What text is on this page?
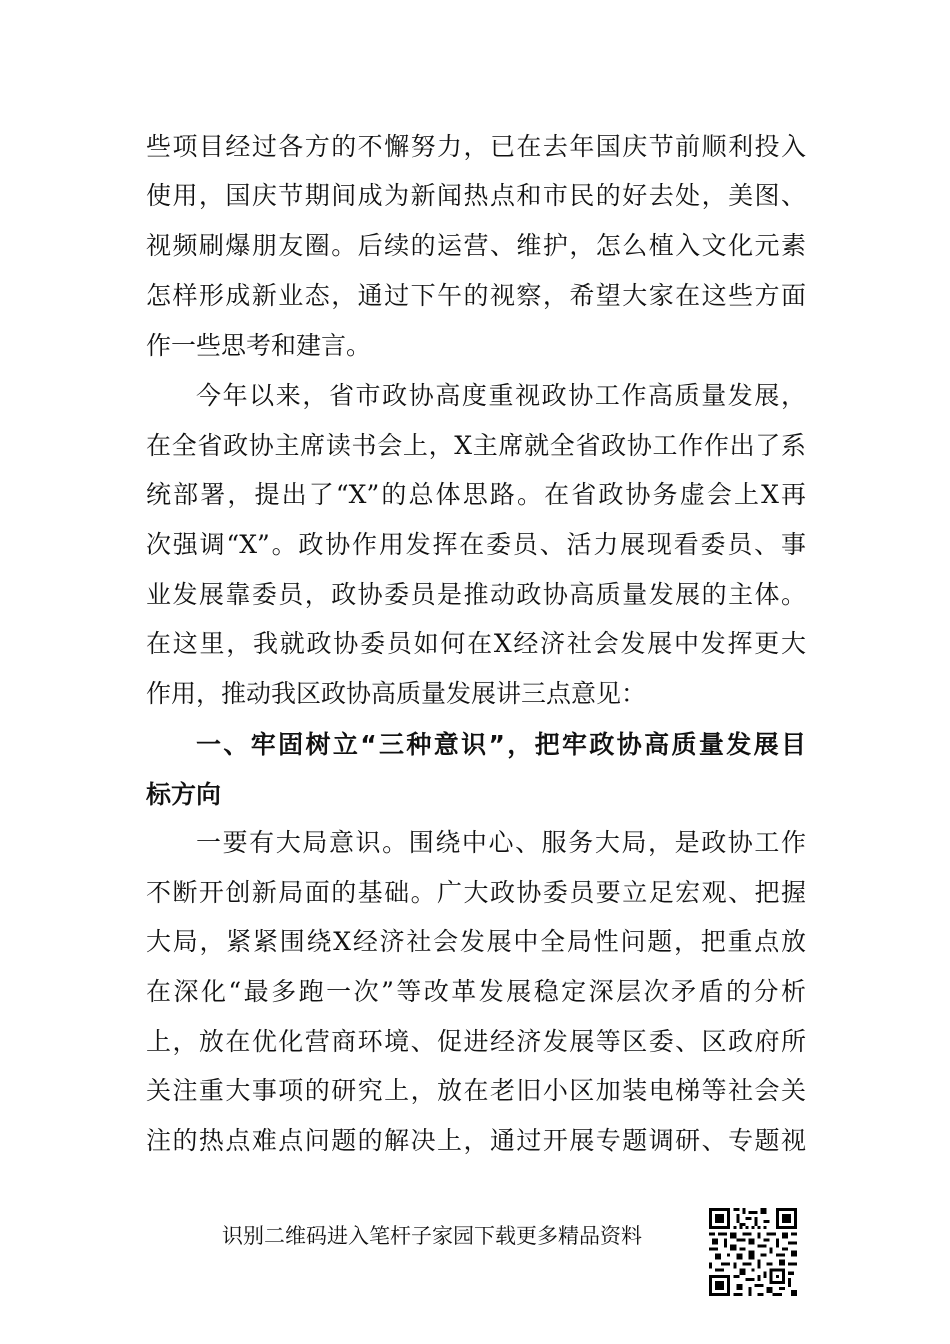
些项目经过各方的不懈努力，已在去年国庆节前顺利投入
使用，国庆节期间成为新闻热点和市民的好去处，美图、
视频刷爆朋友圈。后续的运营、维护，怎么植入文化元素
怎样形成新业态，通过下午的视察，希望大家在这些方面
作一些思考和建言。
今年以来，省市政协高度重视政协工作高质量发展，
在全省政协主席读书会上，X主席就全省政协工作作出了系
统部署，提出了“X”的总体思路。在省政协务虚会上X再
次强调“X”。政协作用发挥在委员、活力展现看委员、事
业发展靠委员，政协委员是推动政协高质量发展的主体。
在这里，我就政协委员如何在X经济社会发展中发挥更大
作用，推动我区政协高质量发展讲三点意见：
一、牢固树立“三种意识”，把牢政协高质量发展目
标方向
一要有大局意识。围绕中心、服务大局，是政协工作
不断开创新局面的基础。广大政协委员要立足宏观、把握
大局，紧紧围绕X经济社会发展中全局性问题，把重点放
在深化“最多跑一次”等改革发展稳定深层次矛盾的分析
上，放在优化营商环境、促进经济发展等区委、区政府所
关注重大事项的研究上，放在老旧小区加装电梯等社会关
注的热点难点问题的解决上，通过开展专题调研、专题视
识别二维码进入笔杆子家园下载更多精品资料
